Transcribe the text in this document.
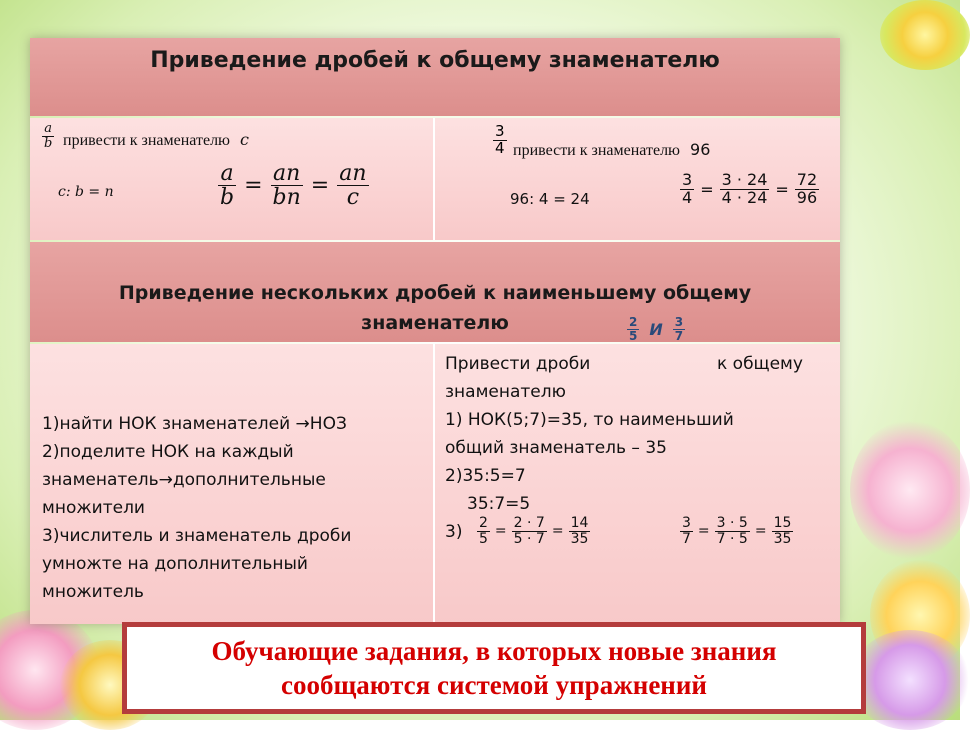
Приведение дробей к общему знаменателю
$\frac{a}{b}$ привести к знаменателю c
c: b = n	$\frac{a}{b} = \frac{an}{bn} = \frac{an}{c}$
$\frac{3}{4}$ привести к знаменателю 96
96: 4 = 24	$\frac{3}{4} = \frac{3 \cdot 24}{4 \cdot 24} = \frac{72}{96}$
Приведение нескольких дробей к наименьшему общему
знаменателю
1)найти НОК знаменателей →НОЗ
2)поделите НОК на каждый
знаменатель→дополнительные
множители
3)числитель и знаменатель дроби
умножте на дополнительный
множитель
Привести дроби	к общему
знаменателю
1) НОК(5;7)=35, то наименьший
общий знаменатель – 35
2)35:5=7
35:7=5
3)
$\frac{2}{5}$ И $\frac{3}{7}$
$\frac{2}{5} = \frac{2 \cdot 7}{5 \cdot 7} = \frac{14}{35}$	$\frac{3}{7} = \frac{3 \cdot 5}{7 \cdot 5} = \frac{15}{35}$
Обучающие задания, в которых новые знания
сообщаются системой упражнений
